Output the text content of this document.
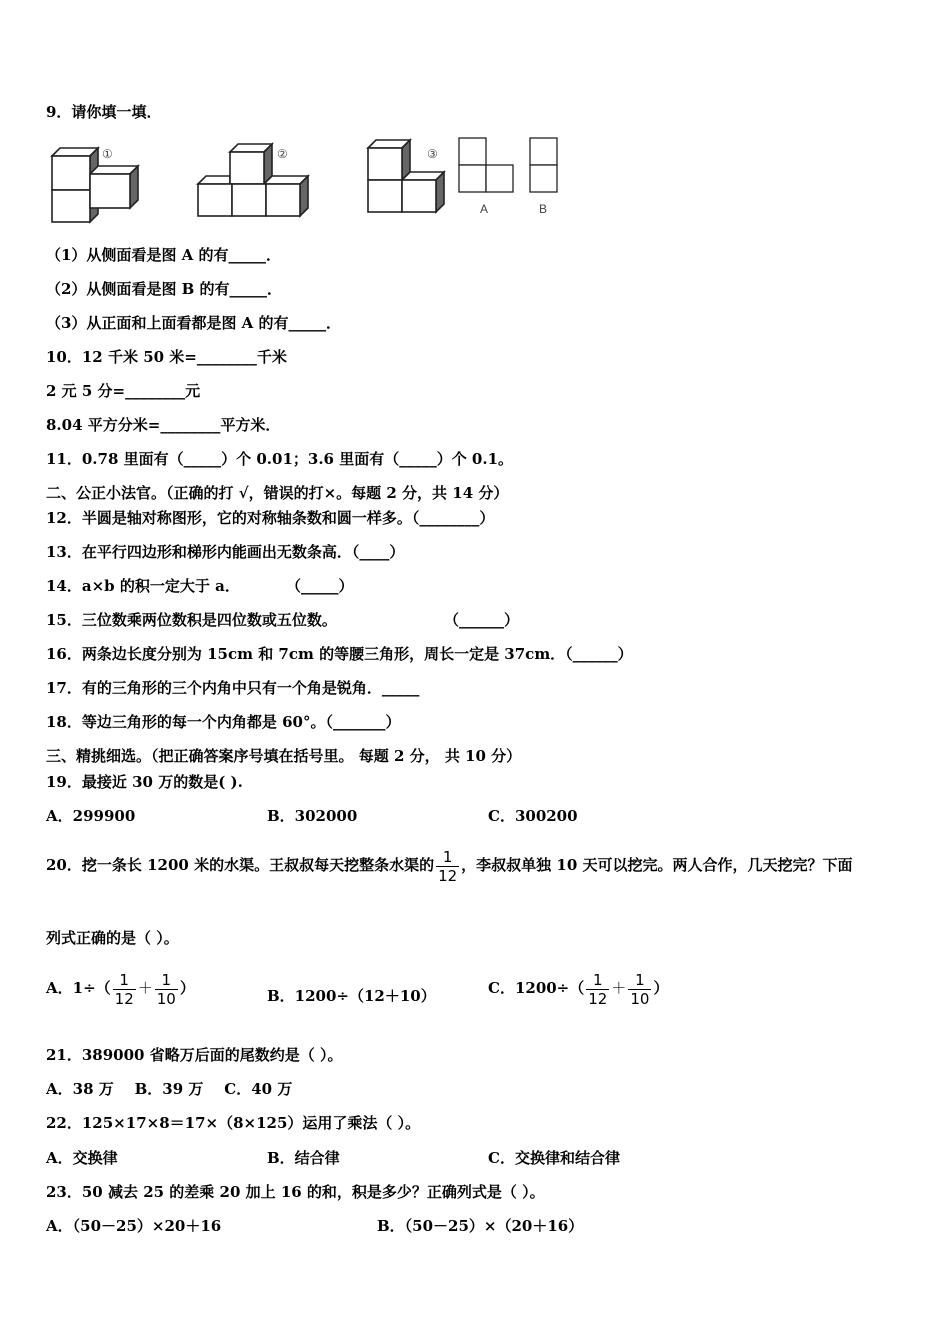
9．请你填一填．
①	②	③
A	B
（1）从侧面看是图 A 的有_____．
（2）从侧面看是图 B 的有_____．
（3）从正面和上面看都是图 A 的有_____．
10．12 千米 50 米=________千米
2 元 5 分=________元
8.04 平方分米=________平方米．
11．0.78 里面有（_____）个 0.01；3.6 里面有（_____）个 0.1。
二、公正小法官。（正确的打 √，错误的打×。每题 2 分，共 14 分）
12．半圆是轴对称图形，它的对称轴条数和圆一样多。（________）
13．在平行四边形和梯形内能画出无数条高．（____）
14．a×b 的积一定大于 a．	（_____）
15．三位数乘两位数积是四位数或五位数。	（______）
16．两条边长度分别为 15cm 和 7cm 的等腰三角形，周长一定是 37cm．（______）
17．有的三角形的三个内角中只有一个角是锐角．_____
18．等边三角形的每一个内角都是 60°。（_______）
三、精挑细选。（把正确答案序号填在括号里。 每题 2 分， 共 10 分）
19．最接近 30 万的数是( ).
A．299900	B．302000	C．300200
20．挖一条长 1200 米的水渠。王叔叔每天挖整条水渠的 $\frac{1}{12}$ ，李叔叔单独 10 天可以挖完。两人合作，几天挖完？下面
列式正确的是（ ）。
A．$1\div( \frac{1}{12} + \frac{1}{10}$ ）	B．1200÷（12＋10）	C．$1200\div( \frac{1}{12} + \frac{1}{10}$ ）
21．389000 省略万后面的尾数约是（ ）。
A．38 万    B．39 万    C．40 万
22．125×17×8＝17×（8×125）运用了乘法（ ）。
A．交换律	B．结合律	C．交换律和结合律
23．50 减去 25 的差乘 20 加上 16 的和，积是多少？正确列式是（ ）。
A．（50－25）×20＋16	B．（50－25）×（20＋16）
